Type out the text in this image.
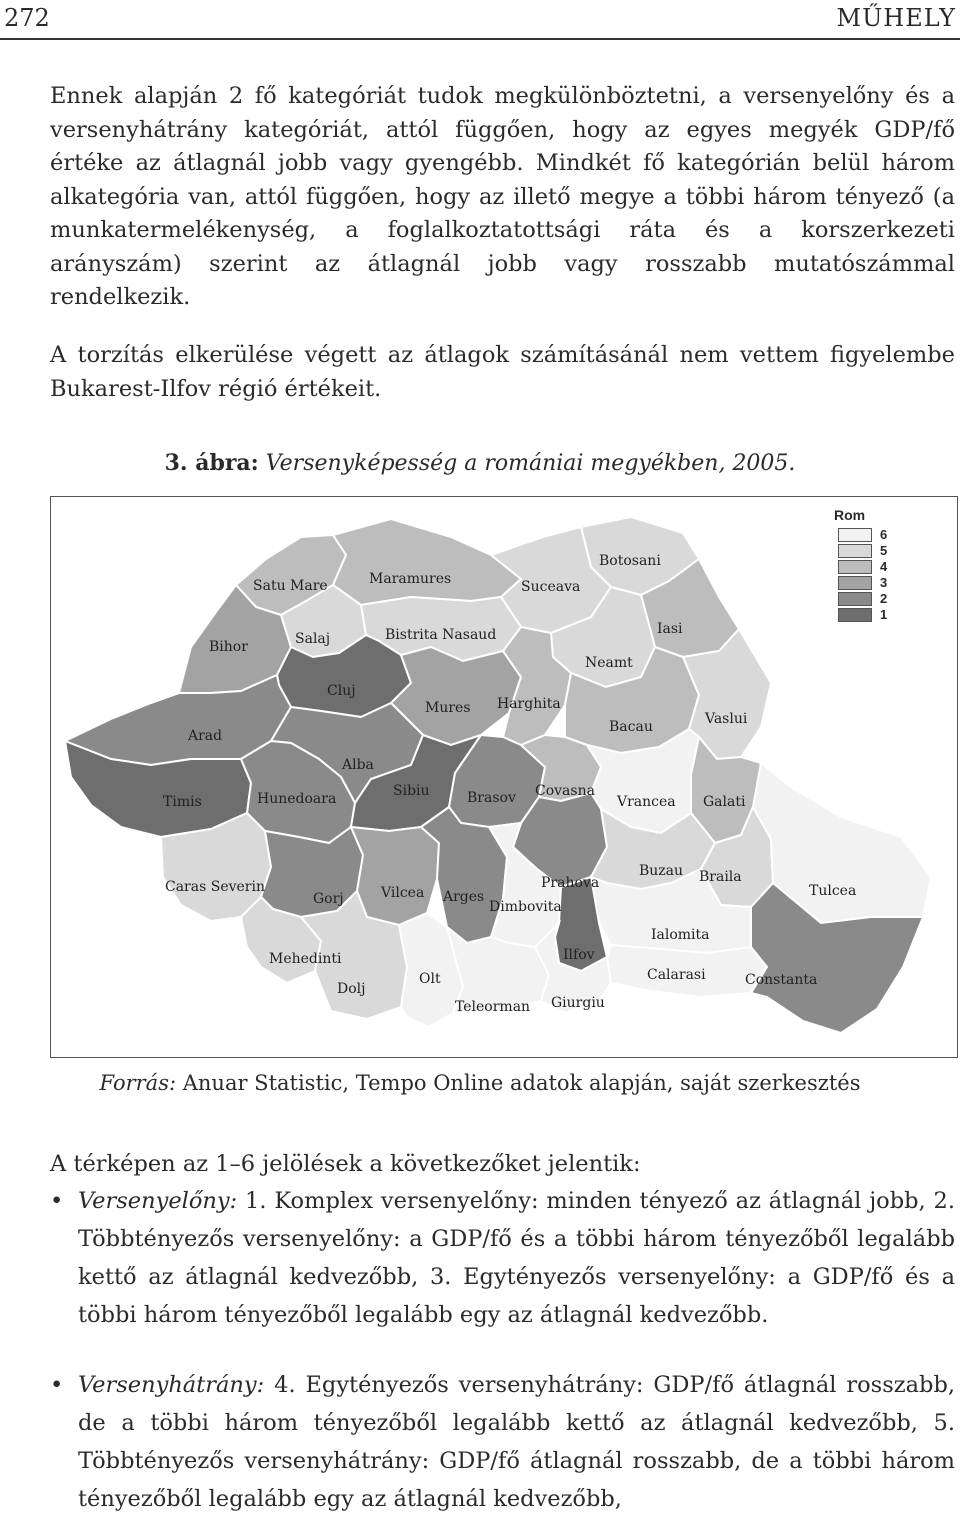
272	MŰHELY

Ennek alapján 2 fő kategóriát tudok megkülönböztetni, a versenyelőny és a versenyhátrány kategóriát, attól függően, hogy az egyes megyék GDP/fő értéke az átlagnál jobb vagy gyengébb. Mindkét fő kategórián belül három alkategória van, attól függően, hogy az illető megye a többi három tényező (a munkatermelékenység, a foglalkoztatottsági ráta és a korszerkezeti arányszám) szerint az átlagnál jobb vagy rosszabb mutatószámmal rendelkezik.

A torzítás elkerülése végett az átlagok számításánál nem vettem figyelembe Bukarest-Ilfov régió értékeit.

3. ábra: Versenyképesség a romániai megyékben, 2005.
Satu Mare	Maramures
Botosani
Suceava
Bihor	Salaj	Bistrita Nasaud	Iasi
Neamt
Cluj
Mures Harghita
Bacau	Vaslui
Arad
Alba
Timis	Hunedoara	Sibiu	Brasov Covasna
Vrancea Galati
Caras Severin
Gorj	Vilcea Arges
Prahova
Buzau Braila
Tulcea
Dimbovita
Mehedinti
Ialomita
Ilfov
Dolj
Olt	Calarasi	Constanta
Teleorman Giurgiu
Rom
6
5
4
3
2
1
Forrás: Anuar Statistic, Tempo Online adatok alapján, saját szerkesztés
A térképen az 1–6 jelölések a következőket jelentik:
• Versenyelőny: 1. Komplex versenyelőny: minden tényező az átlagnál jobb, 2. Többtényezős versenyelőny: a GDP/fő és a többi három tényezőből legalább kettő az átlagnál kedvezőbb, 3. Egytényezős versenyelőny: a GDP/fő és a többi három tényezőből legalább egy az átlagnál kedvezőbb.
• Versenyhátrány: 4. Egytényezős versenyhátrány: GDP/fő átlagnál rosszabb, de a többi három tényezőből legalább kettő az átlagnál kedvezőbb, 5. Többtényezős versenyhátrány: GDP/fő átlagnál rosszabb, de a többi három tényezőből legalább egy az átlagnál kedvezőbb,
